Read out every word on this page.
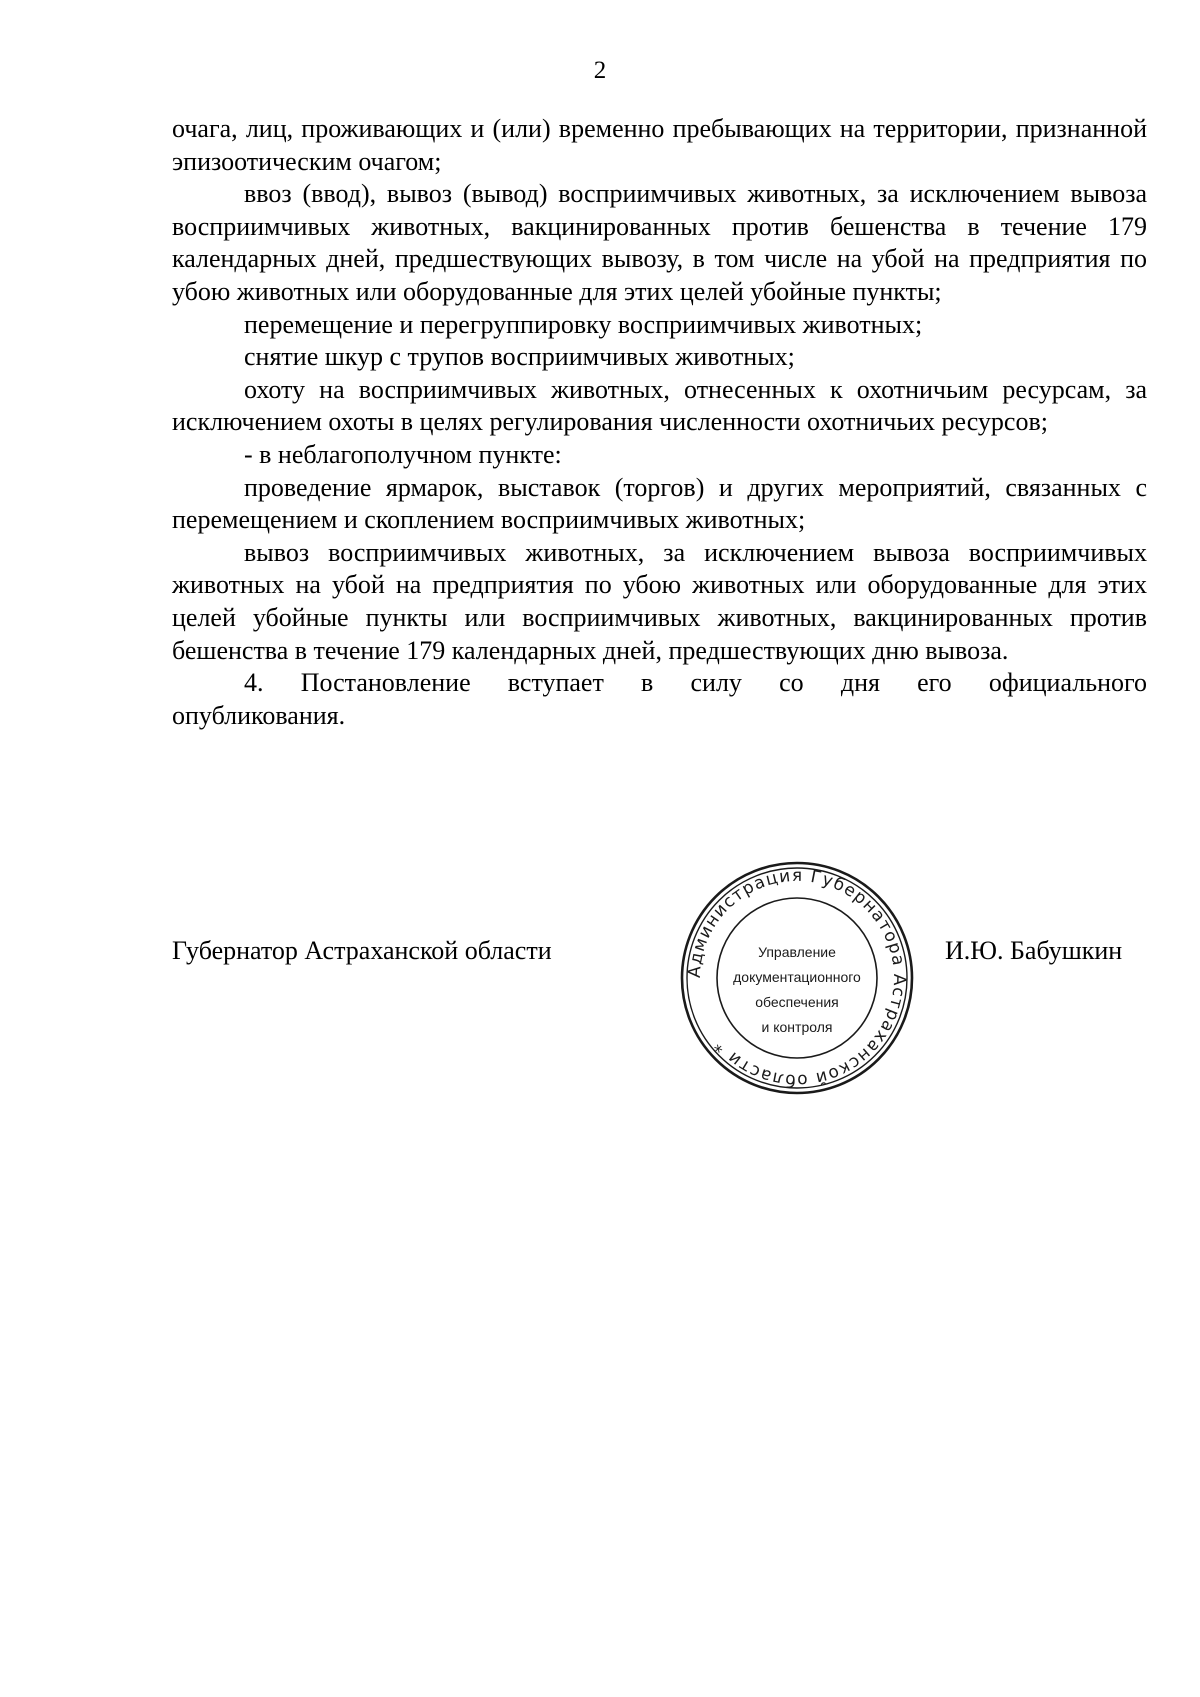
2

очага, лиц, проживающих и (или) временно пребывающих на территории, признанной эпизоотическим очагом;

ввоз (ввод), вывоз (вывод) восприимчивых животных, за исключением вывоза восприимчивых животных, вакцинированных против бешенства в течение 179 календарных дней, предшествующих вывозу, в том числе на убой на предприятия по убою животных или оборудованные для этих целей убойные пункты;

перемещение и перегруппировку восприимчивых животных;

снятие шкур с трупов восприимчивых животных;

охоту на восприимчивых животных, отнесенных к охотничьим ресурсам, за исключением охоты в целях регулирования численности охотничьих ресурсов;

- в неблагополучном пункте:

проведение ярмарок, выставок (торгов) и других мероприятий, связанных с перемещением и скоплением восприимчивых животных;

вывоз восприимчивых животных, за исключением вывоза восприимчивых животных на убой на предприятия по убою животных или оборудованные для этих целей убойные пункты или восприимчивых животных, вакцинированных против бешенства в течение 179 календарных дней, предшествующих дню вывоза.

4. Постановление вступает в силу со дня его официального
опубликования.

Губернатор Астраханской области
Администрация Губернатора Астраханской области *
Управление
документационного
обеспечения
и контроля
И.Ю. Бабушкин
